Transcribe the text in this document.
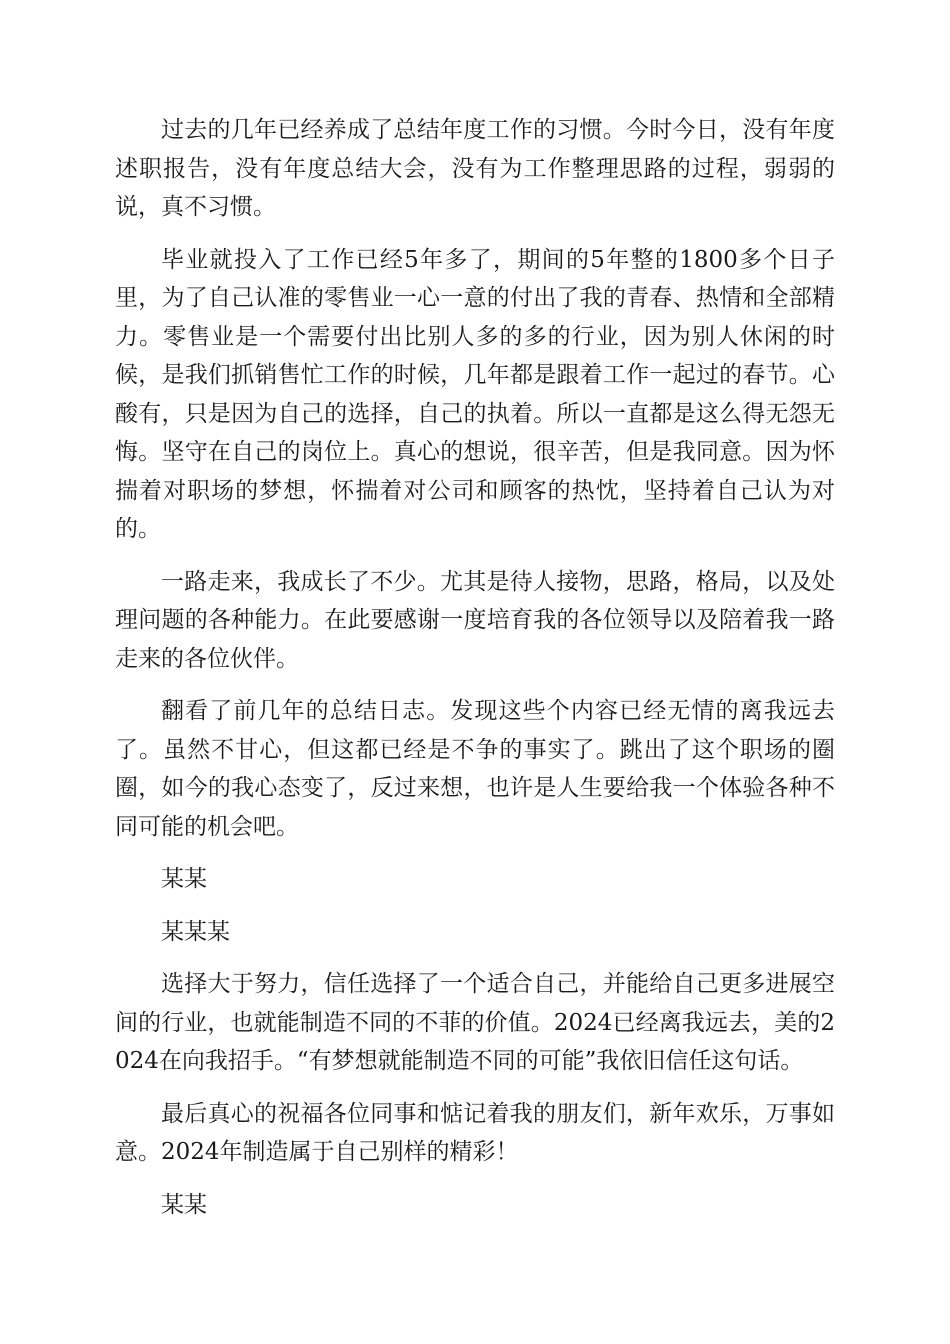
过去的几年已经养成了总结年度工作的习惯。今时今日，没有年度述职报告，没有年度总结大会，没有为工作整理思路的过程，弱弱的说，真不习惯。

毕业就投入了工作已经5年多了，期间的5年整的1800多个日子里，为了自己认准的零售业一心一意的付出了我的青春、热情和全部精力。零售业是一个需要付出比别人多的多的行业，因为别人休闲的时候，是我们抓销售忙工作的时候，几年都是跟着工作一起过的春节。心酸有，只是因为自己的选择，自己的执着。所以一直都是这么得无怨无悔。坚守在自己的岗位上。真心的想说，很辛苦，但是我同意。因为怀揣着对职场的梦想，怀揣着对公司和顾客的热忱，坚持着自己认为对的。

一路走来，我成长了不少。尤其是待人接物，思路，格局，以及处理问题的各种能力。在此要感谢一度培育我的各位领导以及陪着我一路走来的各位伙伴。

翻看了前几年的总结日志。发现这些个内容已经无情的离我远去了。虽然不甘心，但这都已经是不争的事实了。跳出了这个职场的圈圈，如今的我心态变了，反过来想，也许是人生要给我一个体验各种不同可能的机会吧。

某某

某某某

选择大于努力，信任选择了一个适合自己，并能给自己更多进展空间的行业，也就能制造不同的不菲的价值。2024已经离我远去，美的2024在向我招手。“有梦想就能制造不同的可能”我依旧信任这句话。

最后真心的祝福各位同事和惦记着我的朋友们，新年欢乐，万事如意。2024年制造属于自己别样的精彩！

某某
